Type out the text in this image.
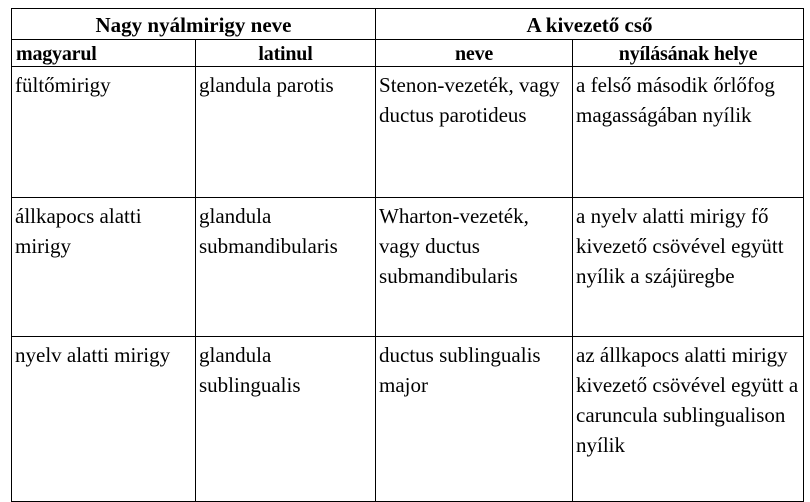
Nagy nyálmirigy neve		A kivezető cső	
magyarul	latinul	neve	nyílásának helye

fültőmirigy	glandula parotis	Stenon-vezeték, vagy ductus parotideus	a felső második őrlőfog magasságában nyílik

állkapocs alatti mirigy	glandula submandibularis	Wharton-vezeték, vagy ductus submandibularis	a nyelv alatti mirigy fő kivezető csövével együtt nyílik a szájüregbe

nyelv alatti mirigy	glandula sublingualis	ductus sublingualis major	az állkapocs alatti mirigy kivezető csövével együtt a caruncula sublingualison nyílik
